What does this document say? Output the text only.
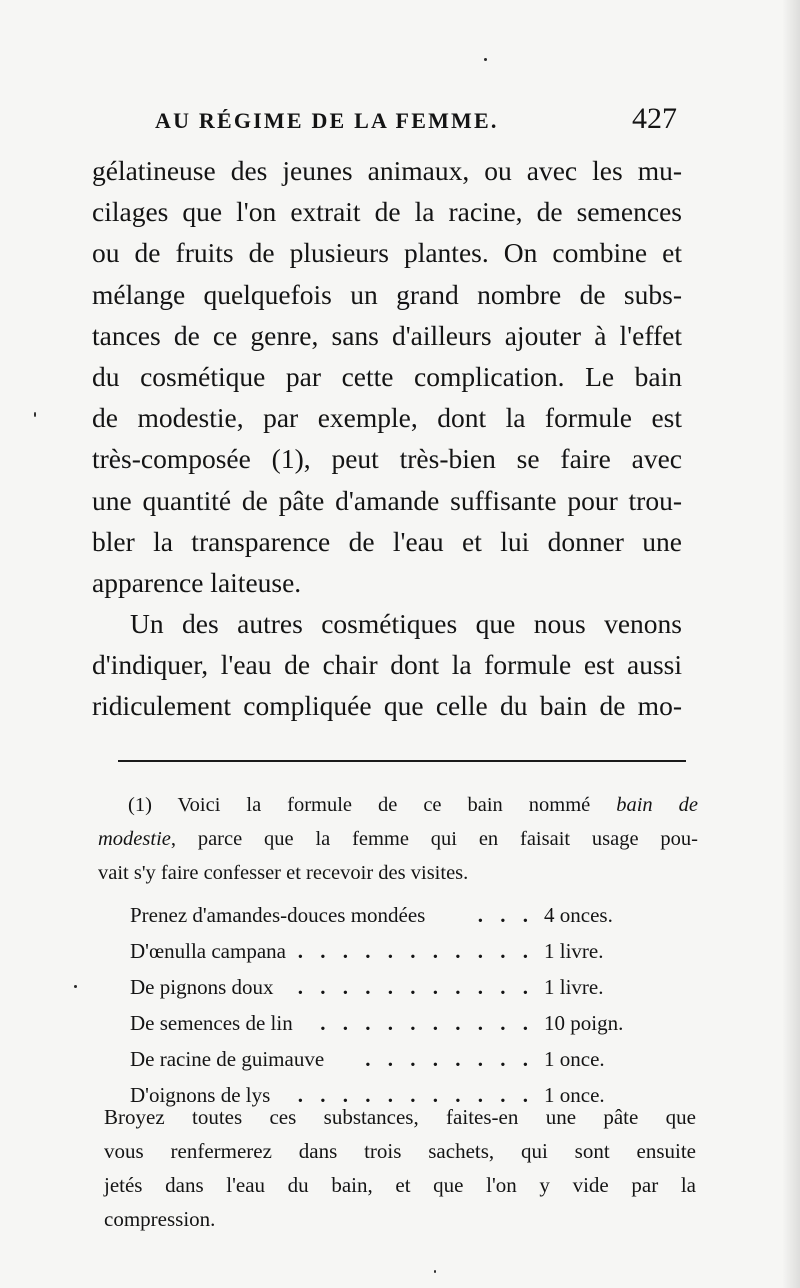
AU RÉGIME DE LA FEMME.	427
gélatineuse des jeunes animaux, ou avec les mu-
cilages que l'on extrait de la racine, de semences
ou de fruits de plusieurs plantes. On combine et
mélange quelquefois un grand nombre de subs-
tances de ce genre, sans d'ailleurs ajouter à l'effet
du cosmétique par cette complication. Le bain
de modestie, par exemple, dont la formule est
très-composée (1), peut très-bien se faire avec
une quantité de pâte d'amande suffisante pour trou-
bler la transparence de l'eau et lui donner une
apparence laiteuse.
Un des autres cosmétiques que nous venons
d'indiquer, l'eau de chair dont la formule est aussi
ridiculement compliquée que celle du bain de mo-
(1) Voici la formule de ce bain nommé bain de
modestie, parce que la femme qui en faisait usage pou-
vait s'y faire confesser et recevoir des visites.
Prenez d'amandes-douces mondées . . . 4 onces.
D'œnulla campana . . . . . . . . . . . 1 livre.
De pignons doux . . . . . . . . . . . 1 livre.
De semences de lin . . . . . . . . . . 10 poign.
De racine de guimauve . . . . . . . . 1 once.
D'oignons de lys . . . . . . . . . . . 1 once.
Broyez toutes ces substances, faites-en une pâte que
vous renfermerez dans trois sachets, qui sont ensuite
jetés dans l'eau du bain, et que l'on y vide par la
compression.
